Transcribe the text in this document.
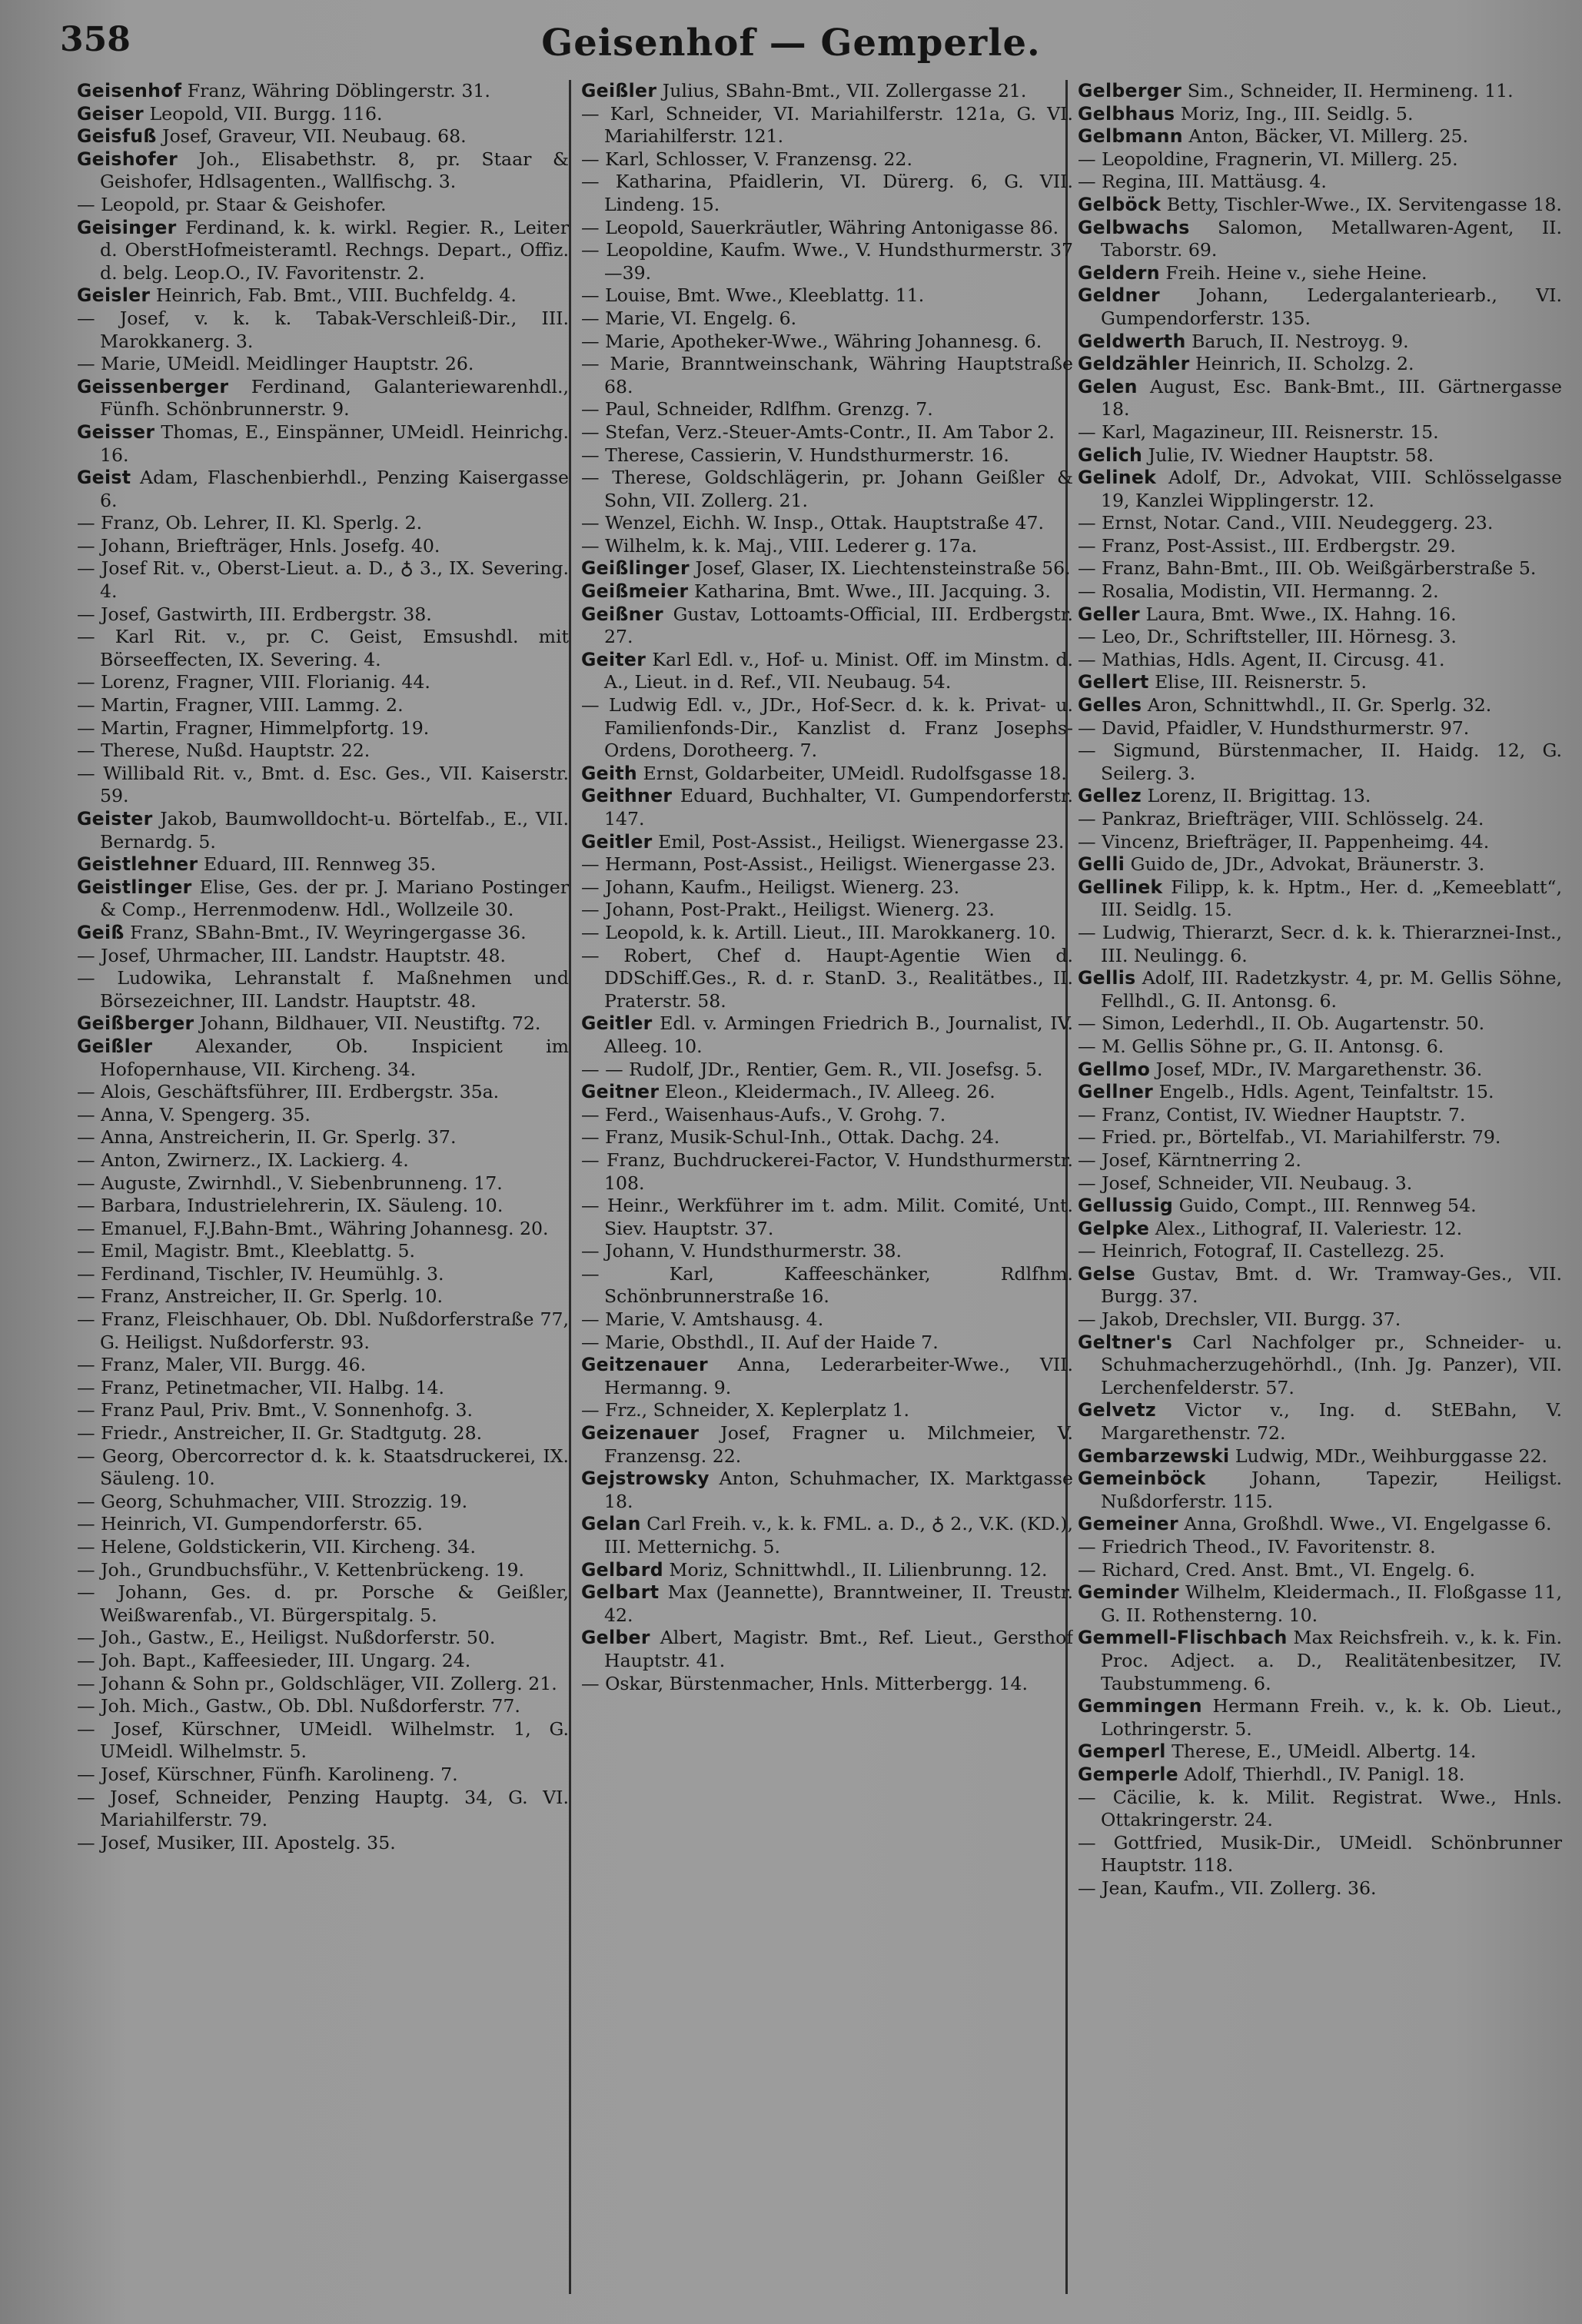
358	Geisenhof — Gemperle.

Geisenhof Franz, Währing Döblingerstr. 31.

Geiser Leopold, VII. Burgg. 116.

Geisfuß Josef, Graveur, VII. Neubaug. 68.

Geishofer Joh., Elisabethstr. 8, pr. Staar & Geishofer, Hdlsagenten., Wallfischg. 3.

— Leopold, pr. Staar & Geishofer.

Geisinger Ferdinand, k. k. wirkl. Regier. R., Leiter d. OberstHofmeisteramtl. Rechngs. Depart., Offiz. d. belg. Leop.O., IV. Favoritenstr. 2.

Geisler Heinrich, Fab. Bmt., VIII. Buchfeldg. 4.

— Josef, v. k. k. Tabak-Verschleiß-Dir., III. Marokkanerg. 3.

— Marie, UMeidl. Meidlinger Hauptstr. 26.

Geissenberger Ferdinand, Galanteriewarenhdl., Fünfh. Schönbrunnerstr. 9.

Geisser Thomas, E., Einspänner, UMeidl. Heinrichg. 16.

Geist Adam, Flaschenbierhdl., Penzing Kaisergasse 6.

— Franz, Ob. Lehrer, II. Kl. Sperlg. 2.

— Johann, Briefträger, Hnls. Josefg. 40.

— Josef Rit. v., Oberst-Lieut. a. D., ♁ 3., IX. Severing. 4.

— Josef, Gastwirth, III. Erdbergstr. 38.

— Karl Rit. v., pr. C. Geist, Emsushdl. mit Börseeffecten, IX. Severing. 4.

— Lorenz, Fragner, VIII. Florianig. 44.

— Martin, Fragner, VIII. Lammg. 2.

— Martin, Fragner, Himmelpfortg. 19.

— Therese, Nußd. Hauptstr. 22.

— Willibald Rit. v., Bmt. d. Esc. Ges., VII. Kaiserstr. 59.

Geister Jakob, Baumwolldocht-u. Börtelfab., E., VII. Bernardg. 5.

Geistlehner Eduard, III. Rennweg 35.

Geistlinger Elise, Ges. der pr. J. Mariano Postinger & Comp., Herrenmodenw. Hdl., Wollzeile 30.

Geiß Franz, SBahn-Bmt., IV. Weyringergasse 36.

— Josef, Uhrmacher, III. Landstr. Hauptstr. 48.

— Ludowika, Lehranstalt f. Maßnehmen und Börsezeichner, III. Landstr. Hauptstr. 48.

Geißberger Johann, Bildhauer, VII. Neustiftg. 72.

Geißler Alexander, Ob. Inspicient im Hofopernhause, VII. Kircheng. 34.

— Alois, Geschäftsführer, III. Erdbergstr. 35a.

— Anna, V. Spengerg. 35.

— Anna, Anstreicherin, II. Gr. Sperlg. 37.

— Anton, Zwirnerz., IX. Lackierg. 4.

— Auguste, Zwirnhdl., V. Siebenbrunneng. 17.

— Barbara, Industrielehrerin, IX. Säuleng. 10.

— Emanuel, F.J.Bahn-Bmt., Währing Johannesg. 20.

— Emil, Magistr. Bmt., Kleeblattg. 5.

— Ferdinand, Tischler, IV. Heumühlg. 3.

— Franz, Anstreicher, II. Gr. Sperlg. 10.

— Franz, Fleischhauer, Ob. Dbl. Nußdorferstraße 77, G. Heiligst. Nußdorferstr. 93.

— Franz, Maler, VII. Burgg. 46.

— Franz, Petinetmacher, VII. Halbg. 14.

— Franz Paul, Priv. Bmt., V. Sonnenhofg. 3.

— Friedr., Anstreicher, II. Gr. Stadtgutg. 28.

— Georg, Obercorrector d. k. k. Staatsdruckerei, IX. Säuleng. 10.

— Georg, Schuhmacher, VIII. Strozzig. 19.

— Heinrich, VI. Gumpendorferstr. 65.

— Helene, Goldstickerin, VII. Kircheng. 34.

— Joh., Grundbuchsführ., V. Kettenbrückeng. 19.

— Johann, Ges. d. pr. Porsche & Geißler, Weißwarenfab., VI. Bürgerspitalg. 5.

— Joh., Gastw., E., Heiligst. Nußdorferstr. 50.

— Joh. Bapt., Kaffeesieder, III. Ungarg. 24.

— Johann & Sohn pr., Goldschläger, VII. Zollerg. 21.

— Joh. Mich., Gastw., Ob. Dbl. Nußdorferstr. 77.

— Josef, Kürschner, UMeidl. Wilhelmstr. 1, G. UMeidl. Wilhelmstr. 5.

— Josef, Kürschner, Fünfh. Karolineng. 7.

— Josef, Schneider, Penzing Hauptg. 34, G. VI. Mariahilferstr. 79.

— Josef, Musiker, III. Apostelg. 35.

Geißler Julius, SBahn-Bmt., VII. Zollergasse 21.

— Karl, Schneider, VI. Mariahilferstr. 121a, G. VI. Mariahilferstr. 121.

— Karl, Schlosser, V. Franzensg. 22.

— Katharina, Pfaidlerin, VI. Dürerg. 6, G. VII. Lindeng. 15.

— Leopold, Sauerkräutler, Währing Antonigasse 86.

— Leopoldine, Kaufm. Wwe., V. Hundsthurmerstr. 37—39.

— Louise, Bmt. Wwe., Kleeblattg. 11.

— Marie, VI. Engelg. 6.

— Marie, Apotheker-Wwe., Währing Johannesg. 6.

— Marie, Branntweinschank, Währing Hauptstraße 68.

— Paul, Schneider, Rdlfhm. Grenzg. 7.

— Stefan, Verz.-Steuer-Amts-Contr., II. Am Tabor 2.

— Therese, Cassierin, V. Hundsthurmerstr. 16.

— Therese, Goldschlägerin, pr. Johann Geißler & Sohn, VII. Zollerg. 21.

— Wenzel, Eichh. W. Insp., Ottak. Hauptstraße 47.

— Wilhelm, k. k. Maj., VIII. Lederer g. 17a.

Geißlinger Josef, Glaser, IX. Liechtensteinstraße 56.

Geißmeier Katharina, Bmt. Wwe., III. Jacquing. 3.

Geißner Gustav, Lottoamts-Official, III. Erdbergstr. 27.

Geiter Karl Edl. v., Hof- u. Minist. Off. im Minstm. d. A., Lieut. in d. Ref., VII. Neubaug. 54.

— Ludwig Edl. v., JDr., Hof-Secr. d. k. k. Privat- u. Familienfonds-Dir., Kanzlist d. Franz Josephs-Ordens, Dorotheerg. 7.

Geith Ernst, Goldarbeiter, UMeidl. Rudolfsgasse 18.

Geithner Eduard, Buchhalter, VI. Gumpendorferstr. 147.

Geitler Emil, Post-Assist., Heiligst. Wienergasse 23.

— Hermann, Post-Assist., Heiligst. Wienergasse 23.

— Johann, Kaufm., Heiligst. Wienerg. 23.

— Johann, Post-Prakt., Heiligst. Wienerg. 23.

— Leopold, k. k. Artill. Lieut., III. Marokkanerg. 10.

— Robert, Chef d. Haupt-Agentie Wien d. DDSchiff.Ges., R. d. r. StanD. 3., Realitätbes., II. Praterstr. 58.

Geitler Edl. v. Armingen Friedrich B., Journalist, IV. Alleeg. 10.

— — Rudolf, JDr., Rentier, Gem. R., VII. Josefsg. 5.

Geitner Eleon., Kleidermach., IV. Alleeg. 26.

— Ferd., Waisenhaus-Aufs., V. Grohg. 7.

— Franz, Musik-Schul-Inh., Ottak. Dachg. 24.

— Franz, Buchdruckerei-Factor, V. Hundsthurmerstr. 108.

— Heinr., Werkführer im t. adm. Milit. Comité, Unt. Siev. Hauptstr. 37.

— Johann, V. Hundsthurmerstr. 38.

— Karl, Kaffeeschänker, Rdlfhm. Schönbrunnerstraße 16.

— Marie, V. Amtshausg. 4.

— Marie, Obsthdl., II. Auf der Haide 7.

Geitzenauer Anna, Lederarbeiter-Wwe., VII. Hermanng. 9.

— Frz., Schneider, X. Keplerplatz 1.

Geizenauer Josef, Fragner u. Milchmeier, V. Franzensg. 22.

Gejstrowsky Anton, Schuhmacher, IX. Marktgasse 18.

Gelan Carl Freih. v., k. k. FML. a. D., ♁ 2., V.K. (KD.), III. Metternichg. 5.

Gelbard Moriz, Schnittwhdl., II. Lilienbrunng. 12.

Gelbart Max (Jeannette), Branntweiner, II. Treustr. 42.

Gelber Albert, Magistr. Bmt., Ref. Lieut., Gersthof Hauptstr. 41.

— Oskar, Bürstenmacher, Hnls. Mitterbergg. 14.

Gelberger Sim., Schneider, II. Hermineng. 11.

Gelbhaus Moriz, Ing., III. Seidlg. 5.

Gelbmann Anton, Bäcker, VI. Millerg. 25.

— Leopoldine, Fragnerin, VI. Millerg. 25.

— Regina, III. Mattäusg. 4.

Gelböck Betty, Tischler-Wwe., IX. Servitengasse 18.

Gelbwachs Salomon, Metallwaren-Agent, II. Taborstr. 69.

Geldern Freih. Heine v., siehe Heine.

Geldner Johann, Ledergalanteriearb., VI. Gumpendorferstr. 135.

Geldwerth Baruch, II. Nestroyg. 9.

Geldzähler Heinrich, II. Scholzg. 2.

Gelen August, Esc. Bank-Bmt., III. Gärtnergasse 18.

— Karl, Magazineur, III. Reisnerstr. 15.

Gelich Julie, IV. Wiedner Hauptstr. 58.

Gelinek Adolf, Dr., Advokat, VIII. Schlösselgasse 19, Kanzlei Wipplingerstr. 12.

— Ernst, Notar. Cand., VIII. Neudeggerg. 23.

— Franz, Post-Assist., III. Erdbergstr. 29.

— Franz, Bahn-Bmt., III. Ob. Weißgärberstraße 5.

— Rosalia, Modistin, VII. Hermanng. 2.

Geller Laura, Bmt. Wwe., IX. Hahng. 16.

— Leo, Dr., Schriftsteller, III. Hörnesg. 3.

— Mathias, Hdls. Agent, II. Circusg. 41.

Gellert Elise, III. Reisnerstr. 5.

Gelles Aron, Schnittwhdl., II. Gr. Sperlg. 32.

— David, Pfaidler, V. Hundsthurmerstr. 97.

— Sigmund, Bürstenmacher, II. Haidg. 12, G. Seilerg. 3.

Gellez Lorenz, II. Brigittag. 13.

— Pankraz, Briefträger, VIII. Schlösselg. 24.

— Vincenz, Briefträger, II. Pappenheimg. 44.

Gelli Guido de, JDr., Advokat, Bräunerstr. 3.

Gellinek Filipp, k. k. Hptm., Her. d. „Kemeeblatt“, III. Seidlg. 15.

— Ludwig, Thierarzt, Secr. d. k. k. Thierarznei-Inst., III. Neulingg. 6.

Gellis Adolf, III. Radetzkystr. 4, pr. M. Gellis Söhne, Fellhdl., G. II. Antonsg. 6.

— Simon, Lederhdl., II. Ob. Augartenstr. 50.

— M. Gellis Söhne pr., G. II. Antonsg. 6.

Gellmo Josef, MDr., IV. Margarethenstr. 36.

Gellner Engelb., Hdls. Agent, Teinfaltstr. 15.

— Franz, Contist, IV. Wiedner Hauptstr. 7.

— Fried. pr., Börtelfab., VI. Mariahilferstr. 79.

— Josef, Kärntnerring 2.

— Josef, Schneider, VII. Neubaug. 3.

Gellussig Guido, Compt., III. Rennweg 54.

Gelpke Alex., Lithograf, II. Valeriestr. 12.

— Heinrich, Fotograf, II. Castellezg. 25.

Gelse Gustav, Bmt. d. Wr. Tramway-Ges., VII. Burgg. 37.

— Jakob, Drechsler, VII. Burgg. 37.

Geltner's Carl Nachfolger pr., Schneider- u. Schuhmacherzugehörhdl., (Inh. Jg. Panzer), VII. Lerchenfelderstr. 57.

Gelvetz Victor v., Ing. d. StEBahn, V. Margarethenstr. 72.

Gembarzewski Ludwig, MDr., Weihburggasse 22.

Gemeinböck	Johann, Tapezir, Heiligst. Nußdorferstr. 115.

Gemeiner Anna, Großhdl. Wwe., VI. Engelgasse 6.

— Friedrich Theod., IV. Favoritenstr. 8.

— Richard, Cred. Anst. Bmt., VI. Engelg. 6.

Geminder Wilhelm, Kleidermach., II. Floßgasse 11, G. II. Rothensterng. 10.

Gemmell-Flischbach Max Reichsfreih. v., k. k. Fin. Proc. Adject. a. D., Realitätenbesitzer, IV. Taubstummeng. 6.

Gemmingen Hermann Freih. v., k. k. Ob. Lieut., Lothringerstr. 5.

Gemperl Therese, E., UMeidl. Albertg. 14.

Gemperle Adolf, Thierhdl., IV. Panigl. 18.

— Cäcilie, k. k. Milit. Registrat. Wwe., Hnls. Ottakringerstr. 24.

— Gottfried, Musik-Dir., UMeidl. Schönbrunner Hauptstr. 118.

— Jean, Kaufm., VII. Zollerg. 36.
